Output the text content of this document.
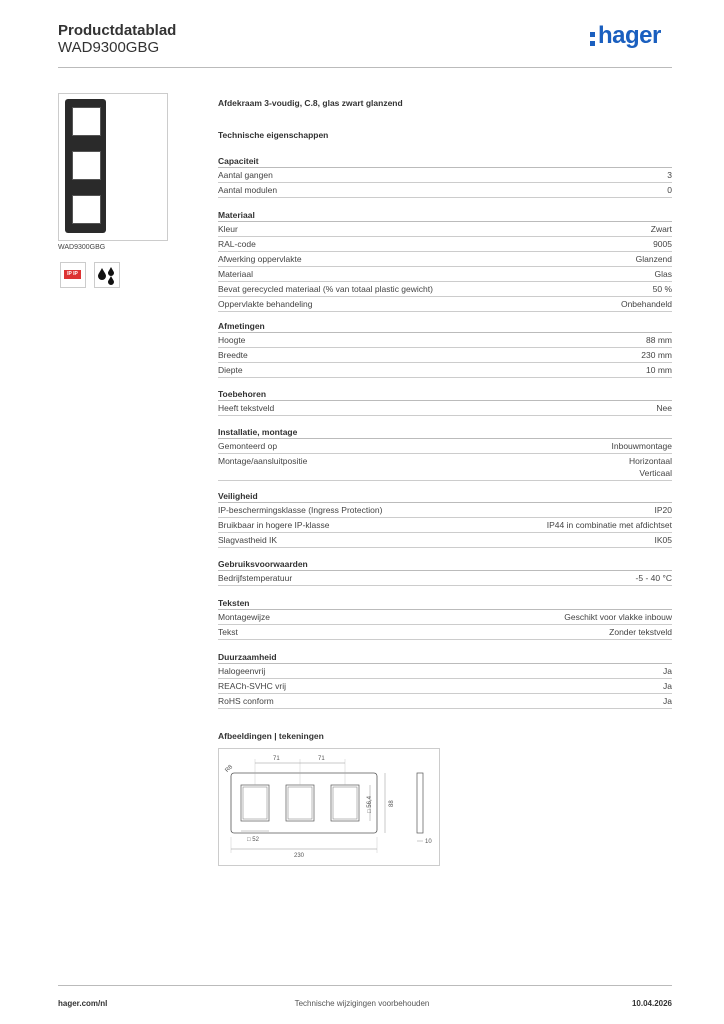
Productdatablad
WAD9300GBG	hager
WAD9300GBG
IP IP
Afdekraam 3-voudig, C.8, glas zwart glanzend
Technische eigenschappen
Capaciteit
Aantal gangen	3
Aantal modulen	0
Materiaal
Kleur	Zwart
RAL-code	9005
Afwerking oppervlakte	Glanzend
Materiaal	Glas
Bevat gerecycled materiaal (% van totaal plastic gewicht)	50 %
Oppervlakte behandeling	Onbehandeld
Afmetingen
Hoogte	88 mm
Breedte	230 mm
Diepte	10 mm
Toebehoren
Heeft tekstveld	Nee
Installatie, montage
Gemonteerd op	Inbouwmontage
Montage/aansluitpositie	Horizontaal
Verticaal
Veiligheid
IP-beschermingsklasse (Ingress Protection)	IP20
Bruikbaar in hogere IP-klasse	IP44 in combinatie met afdichtset
Slagvastheid IK	IK05
Gebruiksvoorwaarden
Bedrijfstemperatuur	-5 - 40 °C
Teksten
Montagewijze	Geschikt voor vlakke inbouw
Tekst	Zonder tekstveld
Duurzaamheid
Halogeenvrij	Ja
REACh-SVHC vrij	Ja
RoHS conform	Ja
Afbeeldingen | tekeningen
R8
71	71
□ 52
230
□ 56,4	88
10
Technische wijzigingen voorbehouden
hager.com/nl	10.04.2026
